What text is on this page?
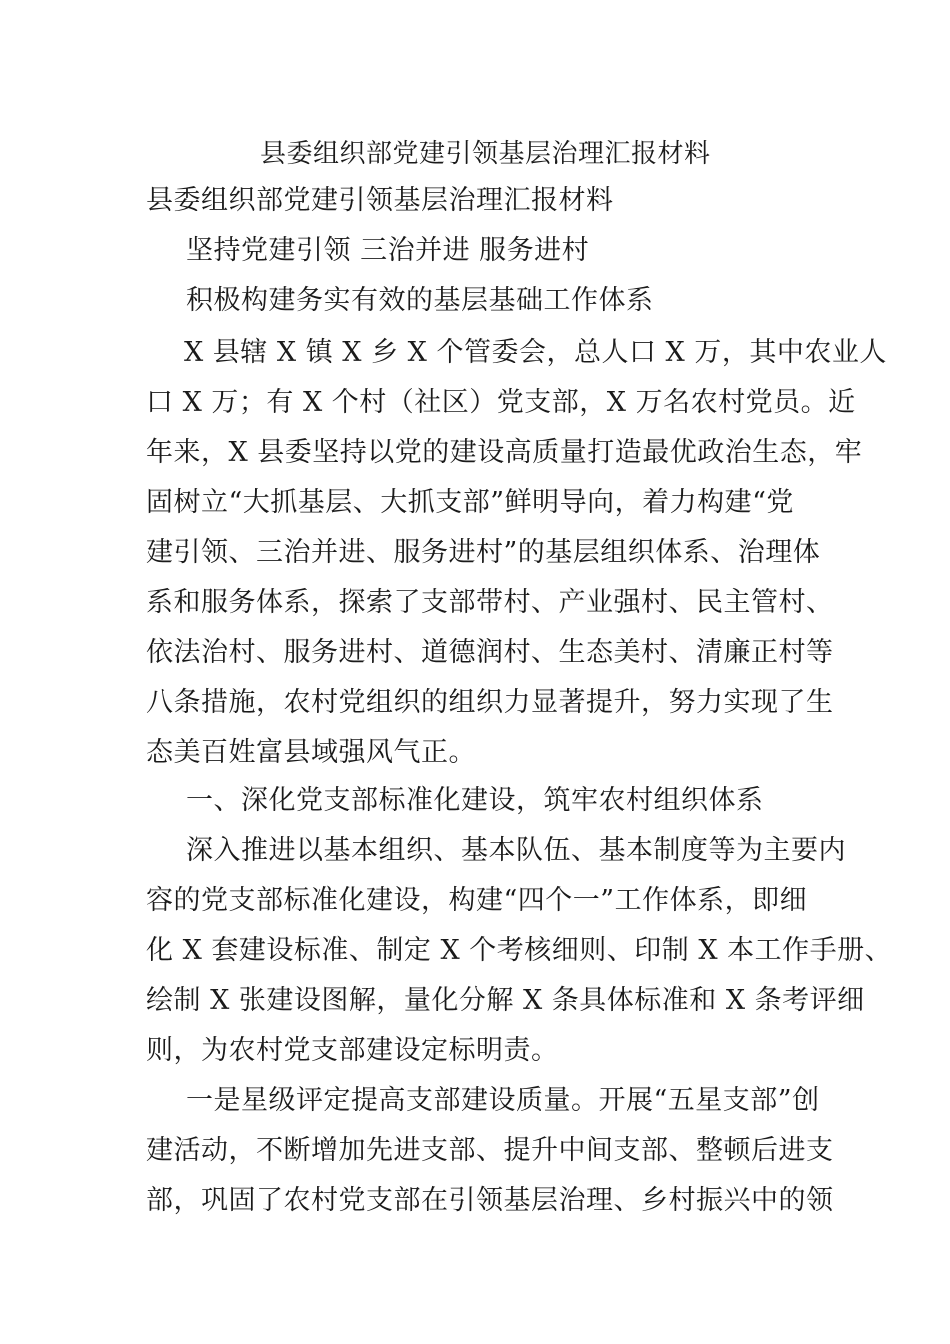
县委组织部党建引领基层治理汇报材料
县委组织部党建引领基层治理汇报材料
坚持党建引领 三治并进 服务进村
积极构建务实有效的基层基础工作体系
X 县辖 X 镇 X 乡 X 个管委会，总人口 X 万，其中农业人
口 X 万；有 X 个村（社区）党支部，X 万名农村党员。近
年来，X 县委坚持以党的建设高质量打造最优政治生态，牢
固树立“大抓基层、大抓支部”鲜明导向，着力构建“党
建引领、三治并进、服务进村”的基层组织体系、治理体
系和服务体系，探索了支部带村、产业强村、民主管村、
依法治村、服务进村、道德润村、生态美村、清廉正村等
八条措施，农村党组织的组织力显著提升，努力实现了生
态美百姓富县域强风气正。
一、深化党支部标准化建设，筑牢农村组织体系
深入推进以基本组织、基本队伍、基本制度等为主要内
容的党支部标准化建设，构建“四个一”工作体系，即细
化 X 套建设标准、制定 X 个考核细则、印制 X 本工作手册、
绘制 X 张建设图解，量化分解 X 条具体标准和 X 条考评细
则，为农村党支部建设定标明责。
一是星级评定提高支部建设质量。开展“五星支部”创
建活动，不断增加先进支部、提升中间支部、整顿后进支
部，巩固了农村党支部在引领基层治理、乡村振兴中的领
